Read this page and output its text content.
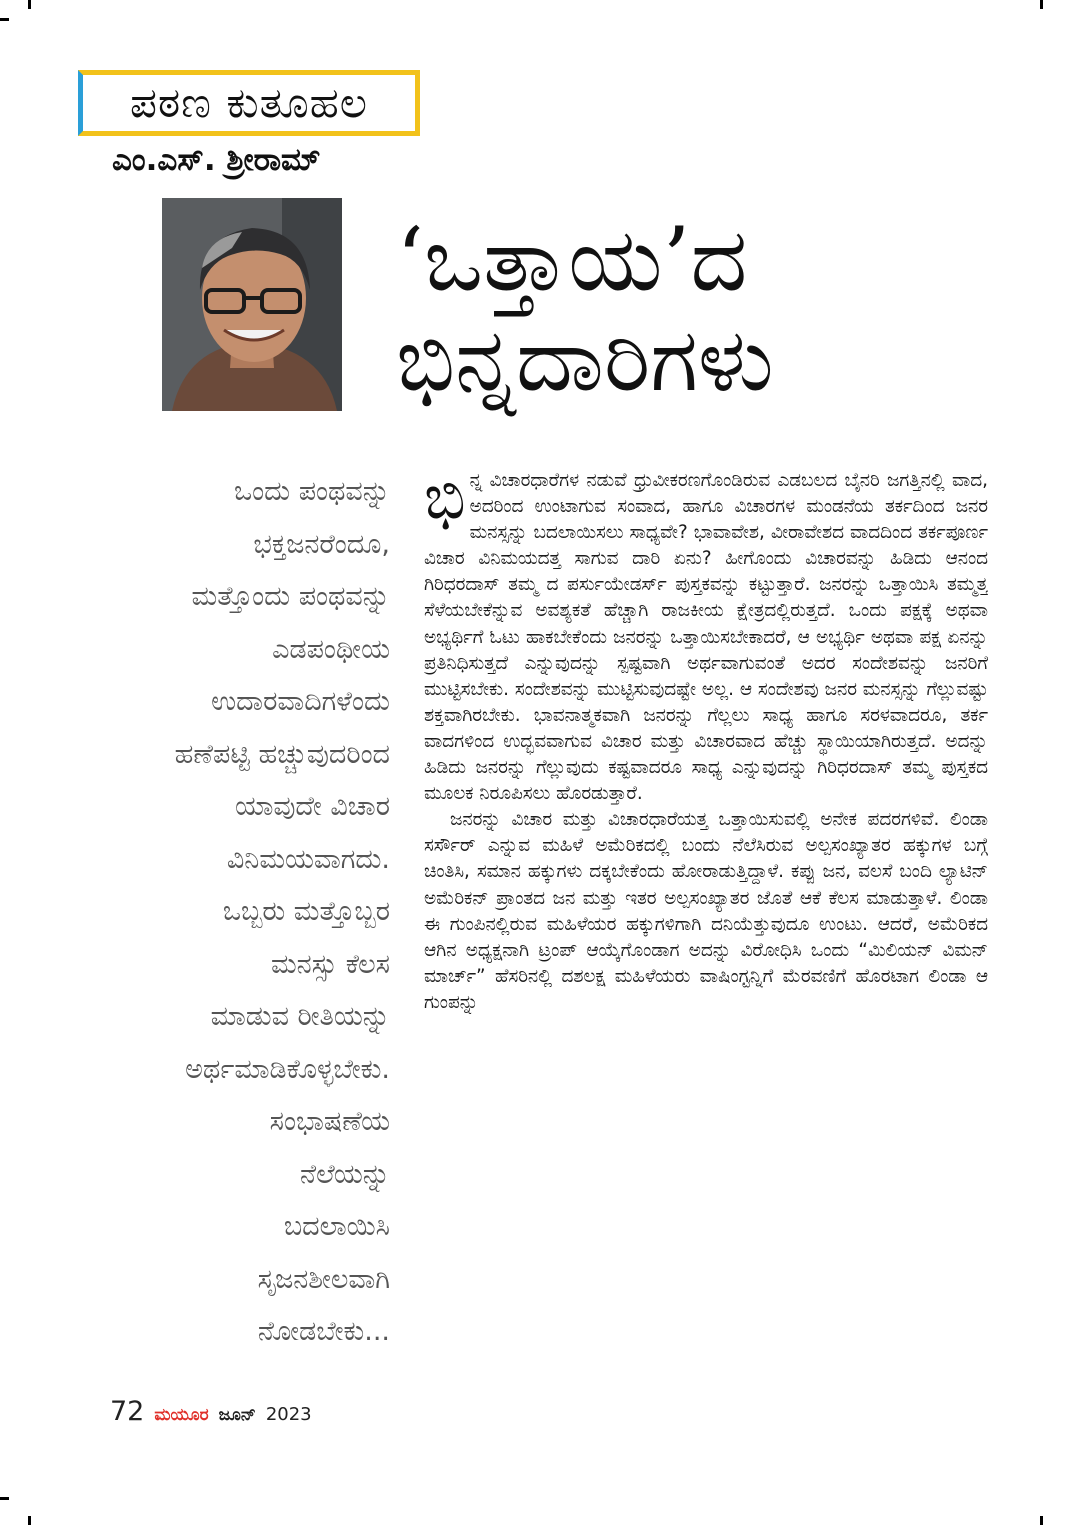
ಪಠಣ ಕುತೂಹಲ
ಎಂ.ಎಸ್. ಶ್ರೀರಾಮ್
‘ಒತ್ತಾಯ’ದ
ಭಿನ್ನದಾರಿಗಳು
ಒಂದು ಪಂಥವನ್ನು
ಭಕ್ತಜನರೆಂದೂ,
ಮತ್ತೊಂದು ಪಂಥವನ್ನು
ಎಡಪಂಥೀಯ
ಉದಾರವಾದಿಗಳೆಂದು
ಹಣೆಪಟ್ಟಿ ಹಚ್ಚುವುದರಿಂದ
ಯಾವುದೇ ವಿಚಾರ
ವಿನಿಮಯವಾಗದು.
ಒಬ್ಬರು ಮತ್ತೊಬ್ಬರ
ಮನಸ್ಸು ಕೆಲಸ
ಮಾಡುವ ರೀತಿಯನ್ನು
ಅರ್ಥಮಾಡಿಕೊಳ್ಳಬೇಕು.
ಸಂಭಾಷಣೆಯ
ನೆಲೆಯನ್ನು
ಬದಲಾಯಿಸಿ
ಸೃಜನಶೀಲವಾಗಿ
ನೋಡಬೇಕು...

ಭಿನ್ನ ವಿಚಾರಧಾರೆಗಳ ನಡುವೆ ಧ್ರುವೀಕರಣಗೊಂಡಿರುವ ಎಡಬಲದ ಬೈನರಿ ಜಗತ್ತಿನಲ್ಲಿ ವಾದ, ಅದರಿಂದ ಉಂಟಾಗುವ ಸಂವಾದ, ಹಾಗೂ ವಿಚಾರಗಳ ಮಂಡನೆಯ ತರ್ಕದಿಂದ ಜನರ ಮನಸ್ಸನ್ನು ಬದಲಾಯಿಸಲು ಸಾಧ್ಯವೇ? ಭಾವಾವೇಶ, ವೀರಾವೇಶದ ವಾದದಿಂದ ತರ್ಕಪೂರ್ಣ ವಿಚಾರ ವಿನಿಮಯದತ್ತ ಸಾಗುವ ದಾರಿ ಏನು? ಹೀಗೊಂದು ವಿಚಾರವನ್ನು ಹಿಡಿದು ಆನಂದ ಗಿರಿಧರದಾಸ್ ತಮ್ಮ ದ ಪರ್ಸುಯೇಡರ್ಸ್ ಪುಸ್ತಕವನ್ನು ಕಟ್ಟುತ್ತಾರೆ. ಜನರನ್ನು ಒತ್ತಾಯಿಸಿ ತಮ್ಮತ್ತ ಸೆಳೆಯಬೇಕೆನ್ನುವ ಅವಶ್ಯಕತೆ ಹೆಚ್ಚಾಗಿ ರಾಜಕೀಯ ಕ್ಷೇತ್ರದಲ್ಲಿರುತ್ತದೆ. ಒಂದು ಪಕ್ಷಕ್ಕೆ ಅಥವಾ ಅಭ್ಯರ್ಥಿಗೆ ಓಟು ಹಾಕಬೇಕೆಂದು ಜನರನ್ನು ಒತ್ತಾಯಿಸಬೇಕಾದರೆ, ಆ ಅಭ್ಯರ್ಥಿ ಅಥವಾ ಪಕ್ಷ ಏನನ್ನು ಪ್ರತಿನಿಧಿಸುತ್ತದೆ ಎನ್ನುವುದನ್ನು ಸ್ಪಷ್ಟವಾಗಿ ಅರ್ಥವಾಗುವಂತೆ ಅದರ ಸಂದೇಶವನ್ನು ಜನರಿಗೆ ಮುಟ್ಟಿಸಬೇಕು. ಸಂದೇಶವನ್ನು ಮುಟ್ಟಿಸುವುದಷ್ಟೇ ಅಲ್ಲ. ಆ ಸಂದೇಶವು ಜನರ ಮನಸ್ಸನ್ನು ಗೆಲ್ಲುವಷ್ಟು ಶಕ್ತವಾಗಿರಬೇಕು. ಭಾವನಾತ್ಮಕವಾಗಿ ಜನರನ್ನು ಗೆಲ್ಲಲು ಸಾಧ್ಯ ಹಾಗೂ ಸರಳವಾದರೂ, ತರ್ಕ ವಾದಗಳಿಂದ ಉದ್ಭವವಾಗುವ ವಿಚಾರ ಮತ್ತು ವಿಚಾರವಾದ ಹೆಚ್ಚು ಸ್ಥಾಯಿಯಾಗಿರುತ್ತದೆ. ಅದನ್ನು ಹಿಡಿದು ಜನರನ್ನು ಗೆಲ್ಲುವುದು ಕಷ್ಟವಾದರೂ ಸಾಧ್ಯ ಎನ್ನುವುದನ್ನು ಗಿರಿಧರದಾಸ್ ತಮ್ಮ ಪುಸ್ತಕದ ಮೂಲಕ ನಿರೂಪಿಸಲು ಹೊರಡುತ್ತಾರೆ.

ಜನರನ್ನು ವಿಚಾರ ಮತ್ತು ವಿಚಾರಧಾರೆಯತ್ತ ಒತ್ತಾಯಿಸುವಲ್ಲಿ ಅನೇಕ ಪದರಗಳಿವೆ. ಲಿಂಡಾ ಸರ್ಸೌರ್ ಎನ್ನುವ ಮಹಿಳೆ ಅಮೆರಿಕದಲ್ಲಿ ಬಂದು ನೆಲೆಸಿರುವ ಅಲ್ಪಸಂಖ್ಯಾತರ ಹಕ್ಕುಗಳ ಬಗ್ಗೆ ಚಿಂತಿಸಿ, ಸಮಾನ ಹಕ್ಕುಗಳು ದಕ್ಕಬೇಕೆಂದು ಹೋರಾಡುತ್ತಿದ್ದಾಳೆ. ಕಪ್ಪು ಜನ, ವಲಸೆ ಬಂದಿ ಲ್ಯಾಟಿನ್ ಅಮೆರಿಕನ್ ಪ್ರಾಂತದ ಜನ ಮತ್ತು ಇತರ ಅಲ್ಪಸಂಖ್ಯಾತರ ಜೊತೆ ಆಕೆ ಕೆಲಸ ಮಾಡುತ್ತಾಳೆ. ಲಿಂಡಾ ಈ ಗುಂಪಿನಲ್ಲಿರುವ ಮಹಿಳೆಯರ ಹಕ್ಕುಗಳಿಗಾಗಿ ದನಿಯೆತ್ತುವುದೂ ಉಂಟು. ಆದರೆ, ಅಮೆರಿಕದ ಆಗಿನ ಅಧ್ಯಕ್ಷನಾಗಿ ಟ್ರಂಪ್ ಆಯ್ಕೆಗೊಂಡಾಗ ಅದನ್ನು ವಿರೋಧಿಸಿ ಒಂದು “ಮಿಲಿಯನ್ ವಿಮನ್ ಮಾರ್ಚ್” ಹೆಸರಿನಲ್ಲಿ ದಶಲಕ್ಷ ಮಹಿಳೆಯರು ವಾಷಿಂಗ್ಟನ್ನಿಗೆ ಮೆರವಣಿಗೆ ಹೊರಟಾಗ ಲಿಂಡಾ ಆ ಗುಂಪನ್ನು

72 ಮಯೂರ ಜೂನ್ 2023
